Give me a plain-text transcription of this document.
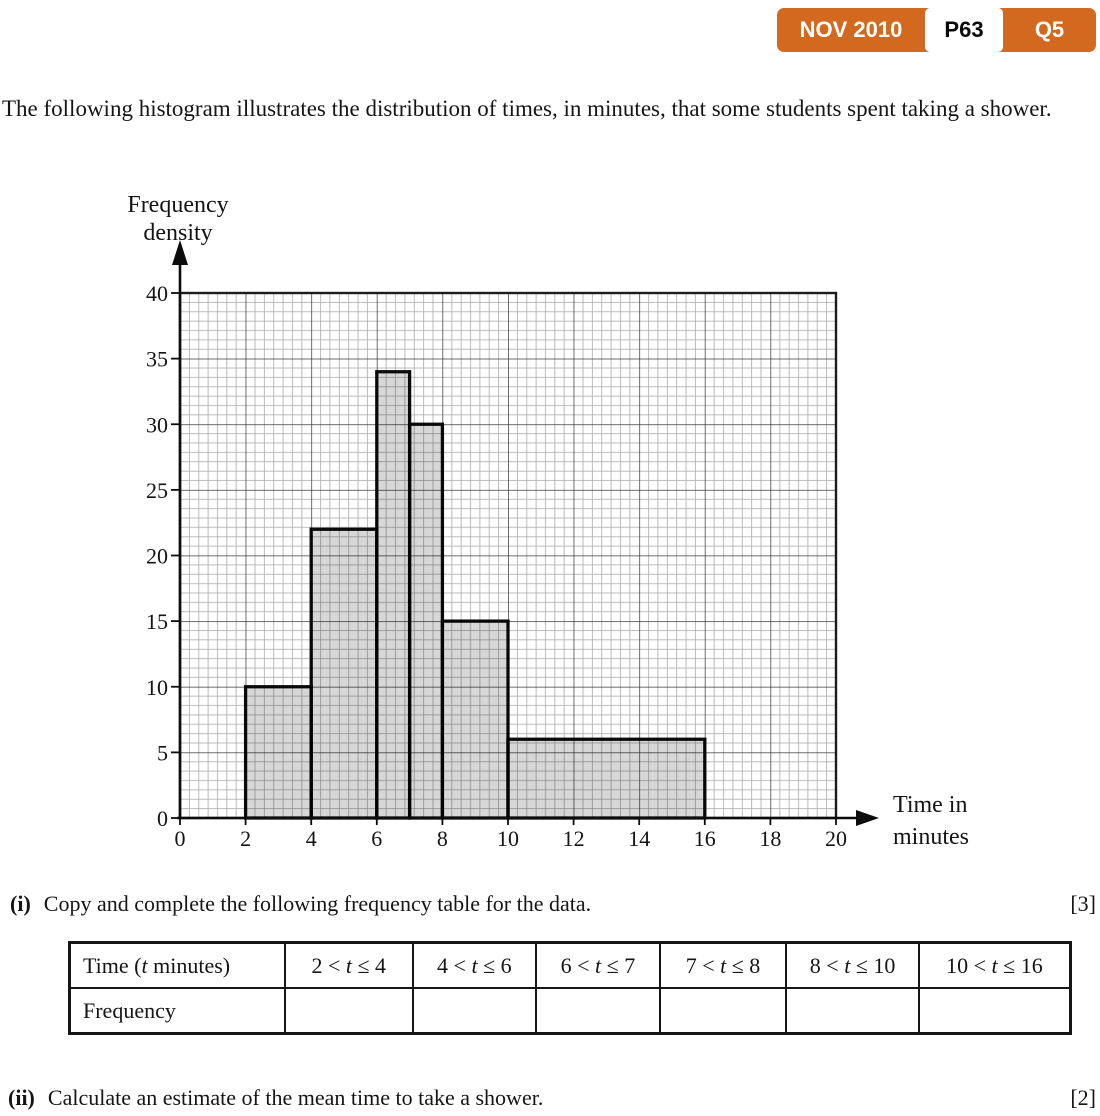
NOV 2010	P63	Q5

The following histogram illustrates the distribution of times, in minutes, that some students spent taking a shower.

0
5
10
15
20
25
30
35
40
0 2 4 6 8 10 12 14 16 18 20
Frequency
density
Time in
minutes
(i) Copy and complete the following frequency table for the data.	[3]
Time (t minutes)	2 < t ≤ 4	4 < t ≤ 6	6 < t ≤ 7	7 < t ≤ 8	8 < t ≤ 10	10 < t ≤ 16
Frequency						
(ii) Calculate an estimate of the mean time to take a shower.	[2]
